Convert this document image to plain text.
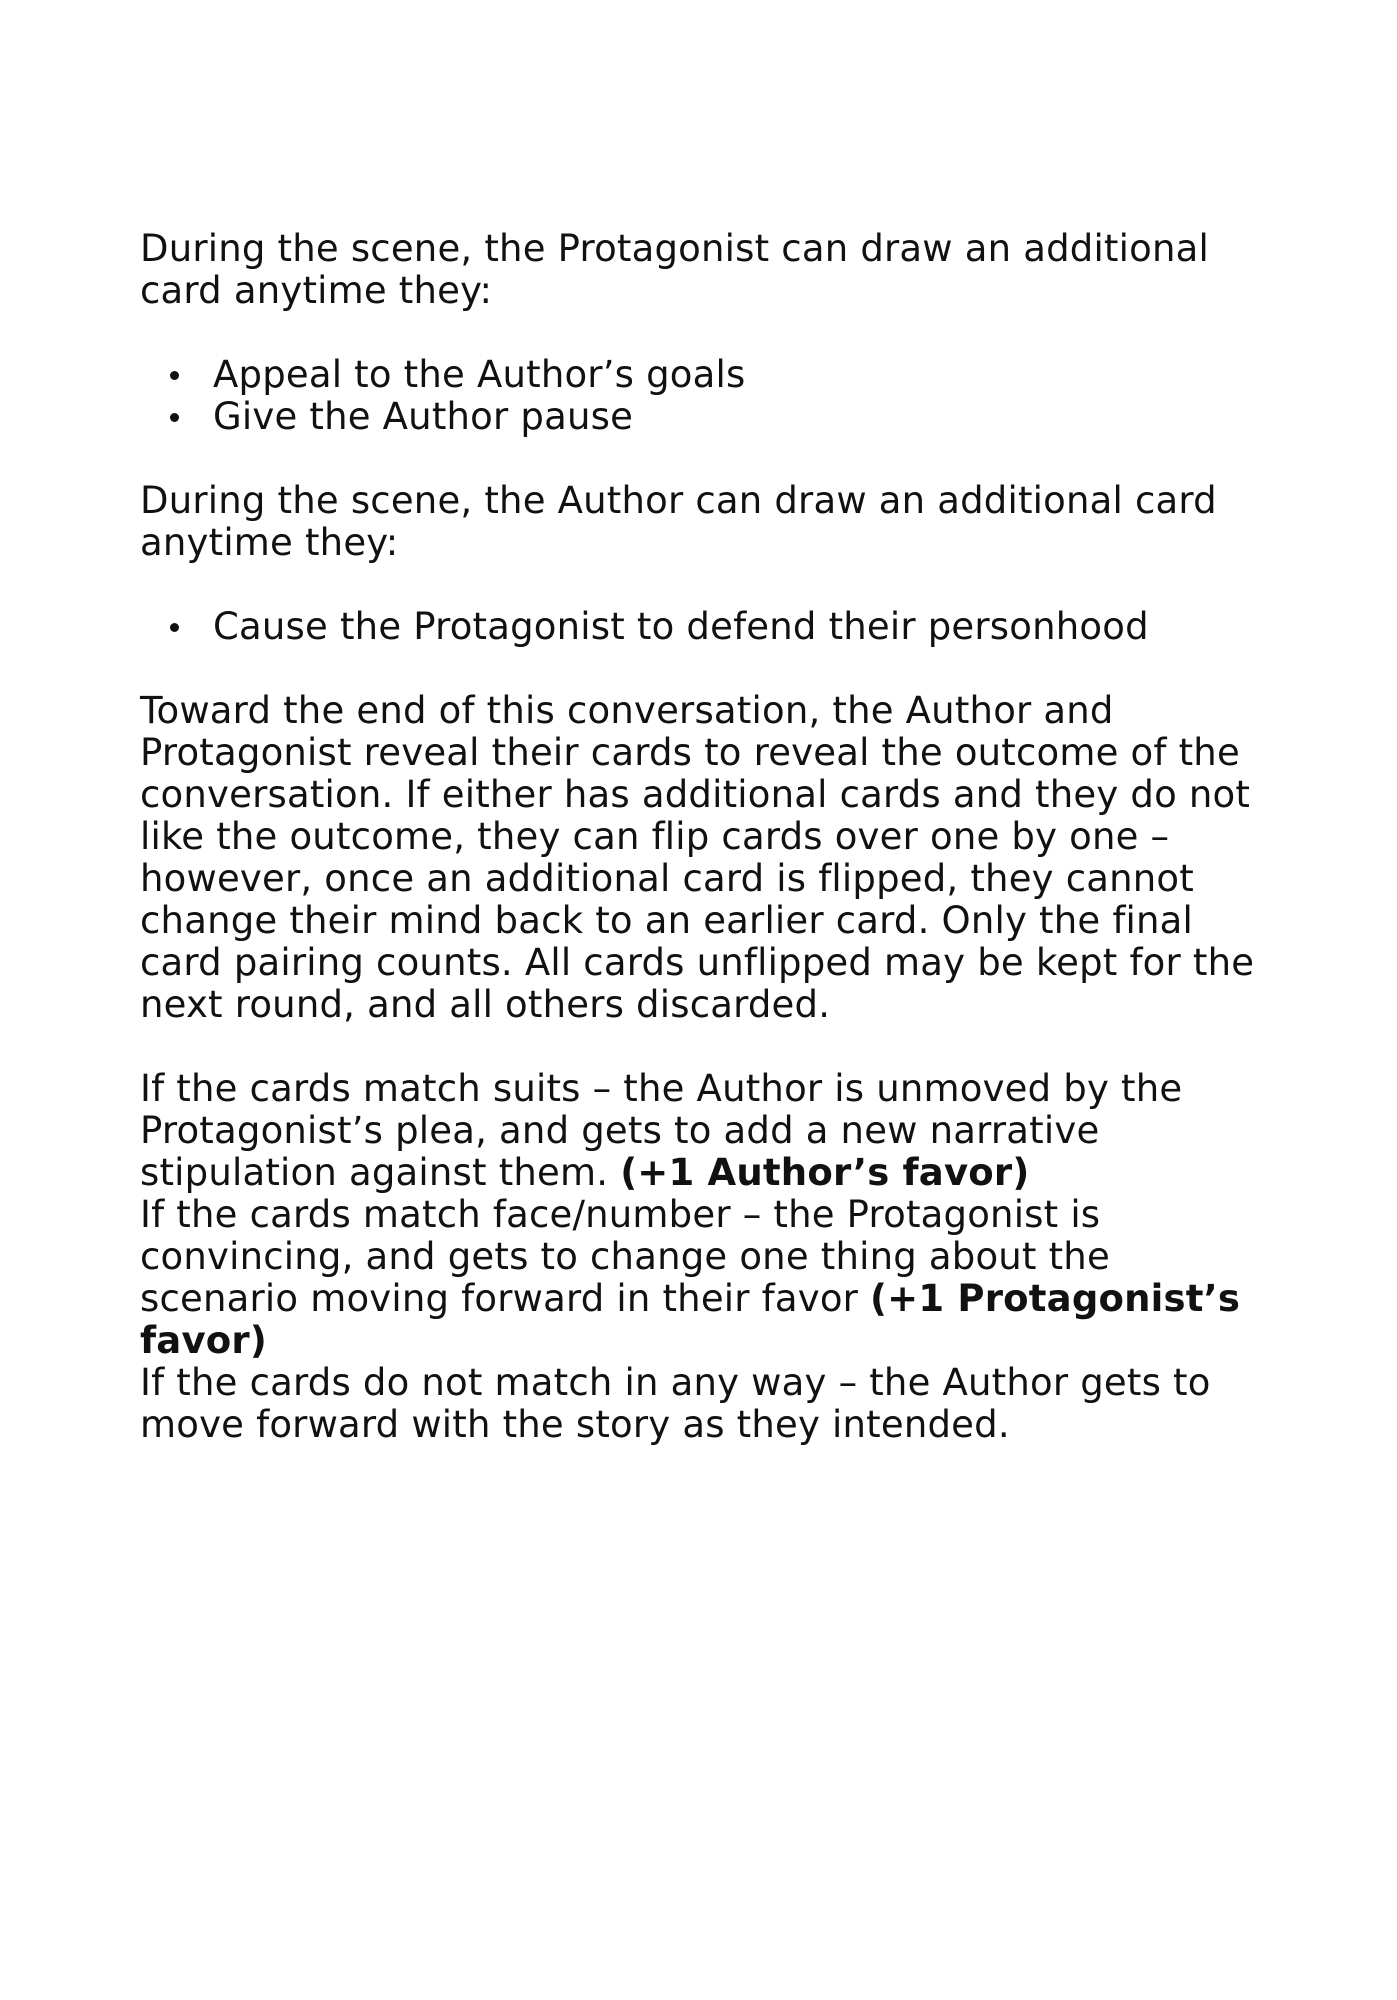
During the scene, the Protagonist can draw an additional card anytime they:

Appeal to the Author’s goals
Give the Author pause

During the scene, the Author can draw an additional card anytime they:

Cause the Protagonist to defend their personhood

Toward the end of this conversation, the Author and Protagonist reveal their cards to reveal the outcome of the conversation. If either has additional cards and they do not like the outcome, they can flip cards over one by one – however, once an additional card is flipped, they cannot change their mind back to an earlier card. Only the final card pairing counts. All cards unflipped may be kept for the next round, and all others discarded.

If the cards match suits – the Author is unmoved by the Protagonist’s plea, and gets to add a new narrative stipulation against them. (+1 Author’s favor)

If the cards match face/number – the Protagonist is convincing, and gets to change one thing about the scenario moving forward in their favor (+1 Protagonist’s favor)

If the cards do not match in any way – the Author gets to move forward with the story as they intended.
